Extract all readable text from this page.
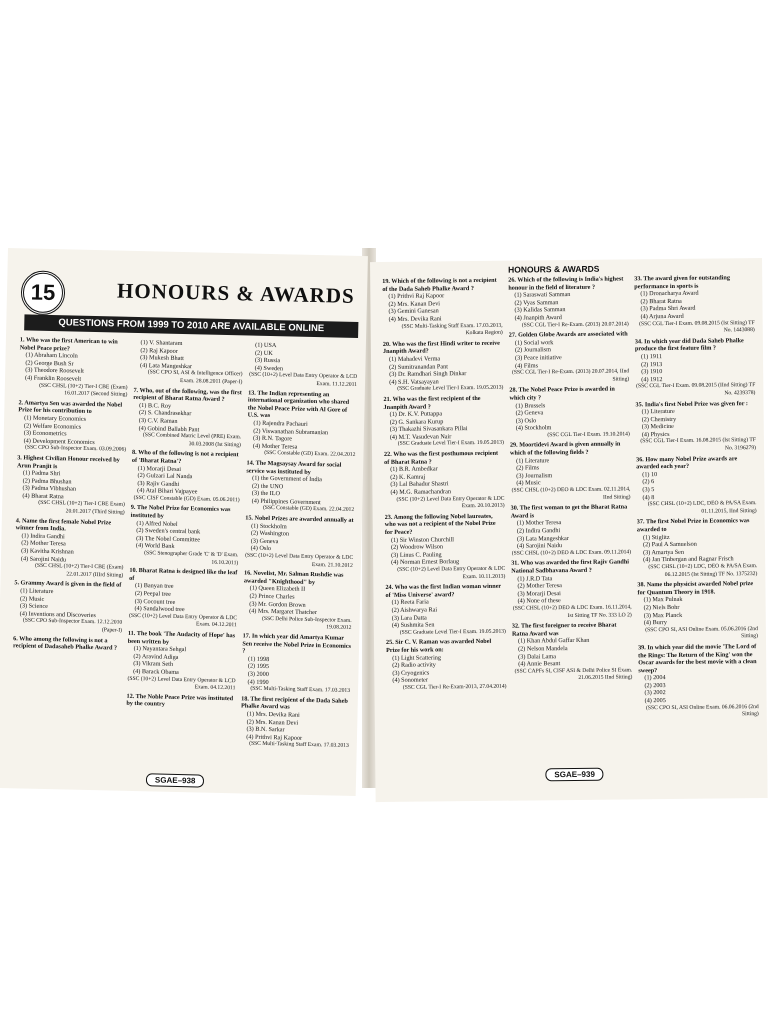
15	HONOURS & AWARDS
QUESTIONS FROM 1999 TO 2010 ARE AVAILABLE ONLINE
1. Who was the first American to win Nobel Peace prize?
(1) Abraham Lincoln
(2) George Bush Sr
(3) Theodore Roosevelt
(4) Franklin Roosevelt
(SSC CHSL (10+2) Tier-I CBE (Exam) 16.01.2017 (Second Sitting)
2. Amartya Sen was awarded the Nobel Prize for his contribution to
(1) Monetary Economics
(2) Welfare Economics
(3) Econometrics
(4) Development Economics
(SSC CPO Sub-Inspector Exam. 03.09.2006)
3. Highest Civilian Honour received by Arun Pranjit is
(1) Padma Shri
(2) Padma Bhushan
(3) Padma Vibhushan
(4) Bharat Ratna
(SSC CHSL (10+2) Tier-I CBE Exam) 20.01.2017 (Third Sitting)
4. Name the first female Nobel Prize winner from India.
(1) Indira Gandhi
(2) Mother Teresa
(3) Kavitha Krishnan
(4) Sarojini Naidu
(SSC CHSL (10+2) Tier-I CBE (Exam) 22.01.2017 (IIIrd Sitting)
5. Grammy Award is given in the field of
(1) Literature
(2) Music
(3) Science
(4) Inventions and Discoveries
(SSC CPO Sub-Inspector Exam. 12.12.2010 (Paper-I)
6. Who among the following is not a recipient of Dadasaheb Phalke Award ?
(1) V. Shantaram
(2) Raj Kapoor
(3) Mukesh Bhatt
(4) Lata Mangeshkar
(SSC CPO SI, ASI & Intelligence Officer) Exam. 28.08.2011 (Paper-I)
7. Who, out of the following, was the first recipient of Bharat Ratna Award ?
(1) B.C. Roy
(2) S. Chandrasekhar
(3) C.V. Raman
(4) Gobind Ballabh Pant
(SSC Combined Matric Level (PRE) Exam. 30.03.2008 (Ist Sitting)
8. Who of the following is not a recipient of 'Bharat Ratna'?
(1) Morarji Desai
(2) Gulzari Lal Nanda
(3) Rajiv Gandhi
(4) Atal Bihari Vajpayee
(SSC CISF Constable (GD) Exam. 05.06.2011)
9. The Nobel Prize for Economics was instituted by
(1) Alfred Nobel
(2) Sweden's central bank
(3) The Nobel Committee
(4) World Bank
(SSC Stenographer Grade 'C' & 'D' Exam. 16.10.2011)
10. Bharat Ratna is designed like the leaf of
(1) Banyan tree
(2) Peepal tree
(3) Cocount tree
(4) Sandalwood tree
(SSC (10+2) Level Data Entry Operator & LDC Exam. 04.12.2011
11. The book 'The Audacity of Hope' has been written by
(1) Nayantara Sehgal
(2) Aravind Adiga
(3) Vikram Seth
(4) Barack Obama
(SSC (10+2) Level Data Entry Operator & LCD Exam. 04.12.2011
12. The Noble Peace Prize was instituted by the country
(1) USA
(2) UK
(3) Russia
(4) Sweden
(SSC (10+2) Level Data Entry Operator & LCD Exam. 11.12.2011
13. The Indian representing an international organization who shared the Nobel Peace Prize with Al Gore of U.S. was
(1) Rajendra Pachauri
(2) Viswanathan Subramanian
(3) R.N. Tagore
(4) Mother Teresa
(SSC Constable (GD) Exam. 22.04.2012
14. The Magsaysay Award for social service was instituted by
(1) the Government of India
(2) the UNO
(3) the ILO
(4) Philippines Government
(SSC Constable (GD) Exam. 22.04.2012
15. Nobel Prizes are awarded annually at
(1) Stockholm
(2) Washington
(3) Geneva
(4) Oslo
(SSC (10+2) Level Data Entry Operator & LDC Exam. 21.10.2012
16. Novelist, Mr. Salman Rushdie was awarded "Knighthood" by
(1) Queen Elizabeth II
(2) Prince Charles
(3) Mr. Gordon Brown
(4) Mrs. Margaret Thatcher
(SSC Delhi Police Sub-Inspector Exam. 19.08.2012
17. In which year did Amartya Kumar Sen receive the Nobel Prize in Economics ?
(1) 1998
(2) 1995
(3) 2000
(4) 1990
(SSC Multi-Tasking Staff Exam. 17.03.2013
18. The first recipient of the Dada Saheb Phalke Award was
(1) Mrs. Devika Rani
(2) Mrs. Kanan Devi
(3) B.N. Sarkar
(4) Prithvi Raj Kapoor
(SSC Multi-Tasking Staff Exam. 17.03.2013
SGAE–938
HONOURS & AWARDS
19. Which of the following is not a recipient of the Dada Saheb Phalke Award ?
(1) Prithvi Raj Kapoor
(2) Mrs. Kanan Devi
(3) Gemini Ganesan
(4) Mrs. Devika Rani
(SSC Multi-Tasking Staff Exam. 17.03.2013, Kolkata Region)
20. Who was the first Hindi writer to receive Jnanpith Award?
(1) Mahadevi Verma
(2) Sumitranandan Pant
(3) Dr. Ramdhari Singh Dinkar
(4) S.H. Vatsayayan
(SSC Graduate Level Tier-I Exam. 19.05.2013)
21. Who was the first recipient of the Jnanpith Award ?
(1) Dr. K.V. Puttappa
(2) G. Sankara Kurup
(3) Thakazhi Sivasankara Pillai
(4) M.T. Vasudevan Nair
(SSC Graduate Level Tier-I Exam. 19.05.2013)
22. Who was the first posthumous recipient of Bharat Ratna ?
(1) B.R. Ambedkar
(2) K. Kamraj
(3) Lal Bahadur Shastri
(4) M.G. Ramachandran
(SSC (10+2) Level Data Entry Operator & LDC Exam. 20.10.2013)
23. Among the following Nobel laureates, who was not a recipient of the Nobel Prize for Peace?
(1) Sir Winston Churchill
(2) Woodrow Wilson
(3) Linus C. Pauling
(4) Norman Ernest Borlaug
(SSC (10+2) Level Data Entry Operator & LDC Exam. 10.11.2013)
24. Who was the first Indian woman winner of 'Miss Universe' award?
(1) Reeta Faria
(2) Aishwarya Rai
(3) Lara Datta
(4) Sushmita Sen
(SSC Graduate Level Tier-I Exam. 19.05.2013)
25. Sir C. V. Raman was awarded Nobel Prize for his work on:
(1) Light Scattering
(2) Radio activity
(3) Cryogenics
(4) Sonometer
(SSC CGL Tier-I Re-Exam-2013, 27.04.2014)
26. Which of the following is India's highest honour in the field of literature ?
(1) Saraswati Samman
(2) Vyas Samman
(3) Kalidas Samman
(4) Jnanpith Award
(SSC CGL Tier-I Re-Exam. (2013) 20.07.2014)
27. Golden Globe Awards are associated with
(1) Social work
(2) Journalism
(3) Peace initiative
(4) Films
(SSC CGL Tier-I Re-Exam. (2013) 20.07.2014, IInd Sitting)
28. The Nobel Peace Prize is awarded in which city ?
(1) Brussels
(2) Geneva
(3) Oslo
(4) Stockholm
(SSC CGL Tier-I Exam. 19.10.2014)
29. Moortidevi Award is given annually in which of the following fields ?
(1) Literature
(2) Films
(3) Journalism
(4) Music
(SSC CHSL (10+2) DEO & LDC Exam. 02.11.2014, IInd Sitting)
30. The first woman to get the Bharat Ratna Award is
(1) Mother Teresa
(2) Indira Gandhi
(3) Lata Mangeshkar
(4) Sarojini Naidu
(SSC CHSL (10+2) DEO & LDC Exam. 09.11.2014)
31. Who was awarded the first Rajiv Gandhi National Sadbhavana Award ?
(1) J.R.D Tata
(2) Mother Teresa
(3) Morarji Desai
(4) None of these
(SSC CHSL (10+2) DEO & LDC Exam. 16.11.2014, Ist Sitting TF No. 333 LO 2)
32. The first foreigner to receive Bharat Ratna Award was
(1) Khan Abdul Gaffar Khan
(2) Nelson Mandela
(3) Dalai Lama
(4) Annie Besant
(SSC CAPFs SI, CISF ASI & Delhi Police SI Exam. 21.06.2015 IInd Sitting)
33. The award given for outstanding performance in sports is
(1) Dronacharya Award
(2) Bharat Ratna
(3) Padma Shri Award
(4) Arjuna Award
(SSC CGL Tier-I Exam. 09.08.2015 (Ist Sitting) TF No. 1443088)
34. In which year did Dada Saheb Phalke produce the first feature film ?
(1) 1911
(2) 1913
(3) 1910
(4) 1912
(SSC CGL Tier-I Exam. 09.08.2015 (IInd Sitting) TF No. 4239378)
35. India's first Nobel Prize was given for :
(1) Literature
(2) Chemistry
(3) Medicine
(4) Physics
(SSC CGL Tier-I Exam. 16.08.2015 (Ist Sitting) TF No. 3196279)
36. How many Nobel Prize awards are awarded each year?
(1) 10
(2) 6
(3) 5
(4) 8
(SSC CHSL (10+2) LDC, DEO & PA/SA Exam. 01.11.2015, IInd Sitting)
37. The first Nobel Prize in Economics was awarded to
(1) Stiglitz
(2) Paul A Samuelson
(3) Amartya Sen
(4) Jan Tinbergan and Ragnar Frisch
(SSC CHSL (10+2) LDC, DEO & PA/SA Exam. 06.12.2015 (Ist Sitting) TF No. 1375232)
38. Name the physicist awarded Nobel prize for Quantum Theory in 1918.
(1) Max Pulnak
(2) Niels Bohr
(3) Max Planck
(4) Burry
(SSC CPO SI, ASI Online Exam. 05.06.2016 (2nd Sitting)
39. In which year did the movie 'The Lord of the Rings: The Return of the King' won the Oscar awards for the best movie with a clean sweep?
(1) 2004
(2) 2003
(3) 2002
(4) 2005
(SSC CPO SI, ASI Online Exam. 06.06.2016 (2nd Sitting)
SGAE–939
